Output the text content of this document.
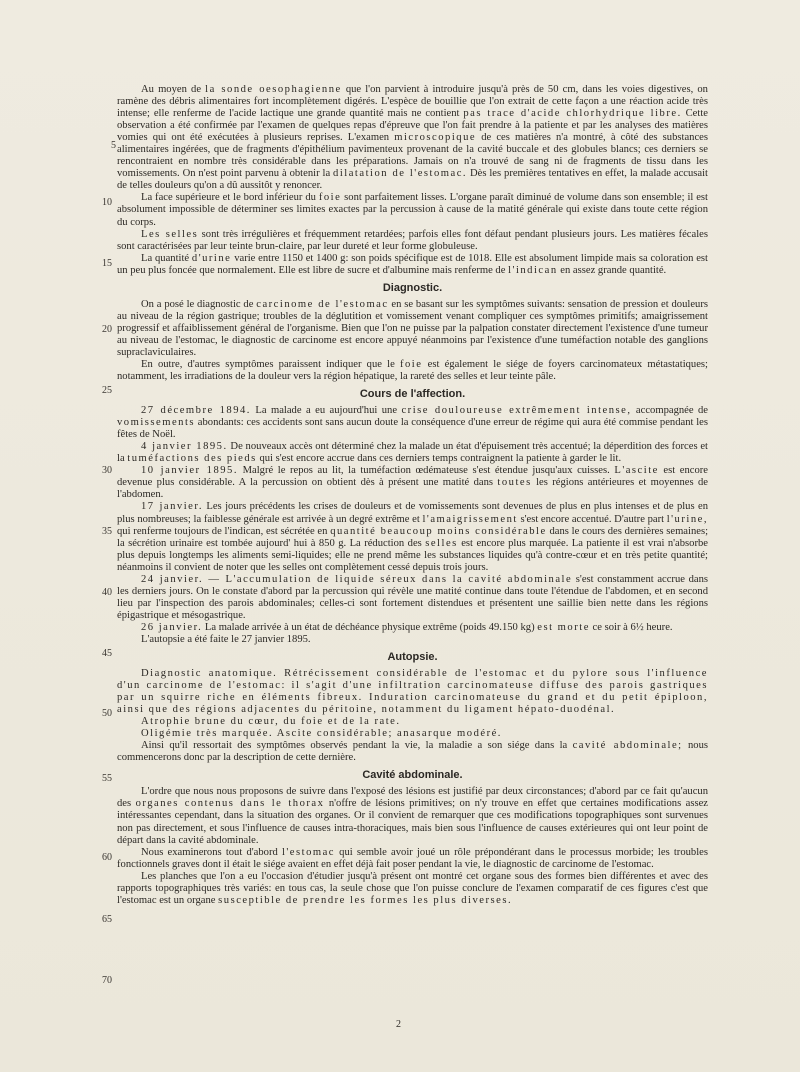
5
10
15
20
25
30
35
40
45
50
55
60
65
70

Au moyen de la sonde oesophagienne que l'on parvient à introduire jusqu'à près de 50 cm, dans les voies digestives, on ramène des débris alimentaires fort incomplètement digérés. L'espèce de bouillie que l'on extrait de cette façon a une réaction acide très intense; elle renferme de l'acide lactique une grande quantité mais ne contient pas trace d'acide chlorhydrique libre. Cette observation a été confirmée par l'examen de quelques repas d'épreuve que l'on fait prendre à la patiente et par les analyses des matières vomies qui ont été exécutées à plusieurs reprises. L'examen microscopique de ces matières n'a montré, à côté des substances alimentaires ingérées, que de fragments d'épithélium pavimenteux provenant de la cavité buccale et des globules blancs; ces derniers se rencontraient en nombre très considérable dans les préparations. Jamais on n'a trouvé de sang ni de fragments de tissu dans les vomissements. On n'est point parvenu à obtenir la dilatation de l'estomac. Dès les premières tentatives en effet, la malade accusait de telles douleurs qu'on a dû aussitôt y renoncer.

La face supérieure et le bord inférieur du foie sont parfaitement lisses. L'organe paraît diminué de volume dans son ensemble; il est absolument impossible de déterminer ses limites exactes par la percussion à cause de la matité générale qui existe dans toute cette région du corps.

Les selles sont très irrégulières et fréquemment retardées; parfois elles font défaut pendant plusieurs jours. Les matières fécales sont caractérisées par leur teinte brun-claire, par leur dureté et leur forme globuleuse.

La quantité d'urine varie entre 1150 et 1400 g: son poids spécifique est de 1018. Elle est absolument limpide mais sa coloration est un peu plus foncée que normalement. Elle est libre de sucre et d'albumine mais renferme de l'indican en assez grande quantité.

Diagnostic.

On a posé le diagnostic de carcinome de l'estomac en se basant sur les symptômes suivants: sensation de pression et douleurs au niveau de la région gastrique; troubles de la déglutition et vomissement venant compliquer ces symptômes primitifs; amaigrissement progressif et affaiblissement général de l'organisme. Bien que l'on ne puisse par la palpation constater directement l'existence d'une tumeur au niveau de l'estomac, le diagnostic de carcinome est encore appuyé néanmoins par l'existence d'une tuméfaction notable des ganglions supraclaviculaires.

En outre, d'autres symptômes paraissent indiquer que le foie est également le siége de foyers carcinomateux métastatiques; notamment, les irradiations de la douleur vers la région hépatique, la rareté des selles et leur teinte pâle.

Cours de l'affection.

27 décembre 1894. La malade a eu aujourd'hui une crise douloureuse extrêmement intense, accompagnée de vomissements abondants: ces accidents sont sans aucun doute la conséquence d'une erreur de régime qui aura été commise pendant les fêtes de Noël.

4 janvier 1895. De nouveaux accès ont déterminé chez la malade un état d'épuisement très accentué; la déperdition des forces et la tuméfactions des pieds qui s'est encore accrue dans ces derniers temps contraignent la patiente à garder le lit.

10 janvier 1895. Malgré le repos au lit, la tuméfaction œdémateuse s'est étendue jusqu'aux cuisses. L'ascite est encore devenue plus considérable. A la percussion on obtient dès à présent une matité dans toutes les régions antérieures et moyennes de l'abdomen.

17 janvier. Les jours précédents les crises de douleurs et de vomissements sont devenues de plus en plus intenses et de plus en plus nombreuses; la faiblesse générale est arrivée à un degré extrême et l'amaigrissement s'est encore accentué. D'autre part l'urine, qui renferme toujours de l'indican, est sécrétée en quantité beaucoup moins considérable dans le cours des dernières semaines; la sécrétion urinaire est tombée aujourd' hui à 850 g. La réduction des selles est encore plus marquée. La patiente il est vrai n'absorbe plus depuis longtemps les aliments semi-liquides; elle ne prend même les substances liquides qu'à contre-cœur et en très petite quantité; néanmoins il convient de noter que les selles ont complètement cessé depuis trois jours.

24 janvier. — L'accumulation de liquide séreux dans la cavité abdominale s'est constamment accrue dans les derniers jours. On le constate d'abord par la percussion qui révèle une matité continue dans toute l'étendue de l'abdomen, et en second lieu par l'inspection des parois abdominales; celles-ci sont fortement distendues et présentent une saillie bien nette dans les régions épigastrique et mésogastrique.

26 janvier. La malade arrivée à un état de déchéance physique extrême (poids 49.150 kg) est morte ce soir à 6½ heure.

L'autopsie a été faite le 27 janvier 1895.

Autopsie.

Diagnostic anatomique. Rétrécissement considérable de l'estomac et du pylore sous l'influence d'un carcinome de l'estomac: il s'agit d'une infiltration carcinomateuse diffuse des parois gastriques par un squirre riche en éléments fibreux. Induration carcinomateuse du grand et du petit épiploon, ainsi que des régions adjacentes du péritoine, notamment du ligament hépato-duodénal.

Atrophie brune du cœur, du foie et de la rate.

Oligémie très marquée. Ascite considérable; anasarque modéré.

Ainsi qu'il ressortait des symptômes observés pendant la vie, la maladie a son siége dans la cavité abdominale; nous commencerons donc par la description de cette dernière.

Cavité abdominale.

L'ordre que nous nous proposons de suivre dans l'exposé des lésions est justifié par deux circonstances; d'abord par ce fait qu'aucun des organes contenus dans le thorax n'offre de lésions primitives; on n'y trouve en effet que certaines modifications assez intéressantes cependant, dans la situation des organes. Or il convient de remarquer que ces modifications topographiques sont survenues non pas directement, et sous l'influence de causes intra-thoraciques, mais bien sous l'influence de causes extérieures qui ont leur point de départ dans la cavité abdominale.

Nous examinerons tout d'abord l'estomac qui semble avoir joué un rôle prépondérant dans le processus morbide; les troubles fonctionnels graves dont il était le siége avaient en effet déjà fait poser pendant la vie, le diagnostic de carcinome de l'estomac.

Les planches que l'on a eu l'occasion d'étudier jusqu'à présent ont montré cet organe sous des formes bien différentes et avec des rapports topographiques très variés: en tous cas, la seule chose que l'on puisse conclure de l'examen comparatif de ces figures c'est que l'estomac est un organe susceptible de prendre les formes les plus diverses.

2
